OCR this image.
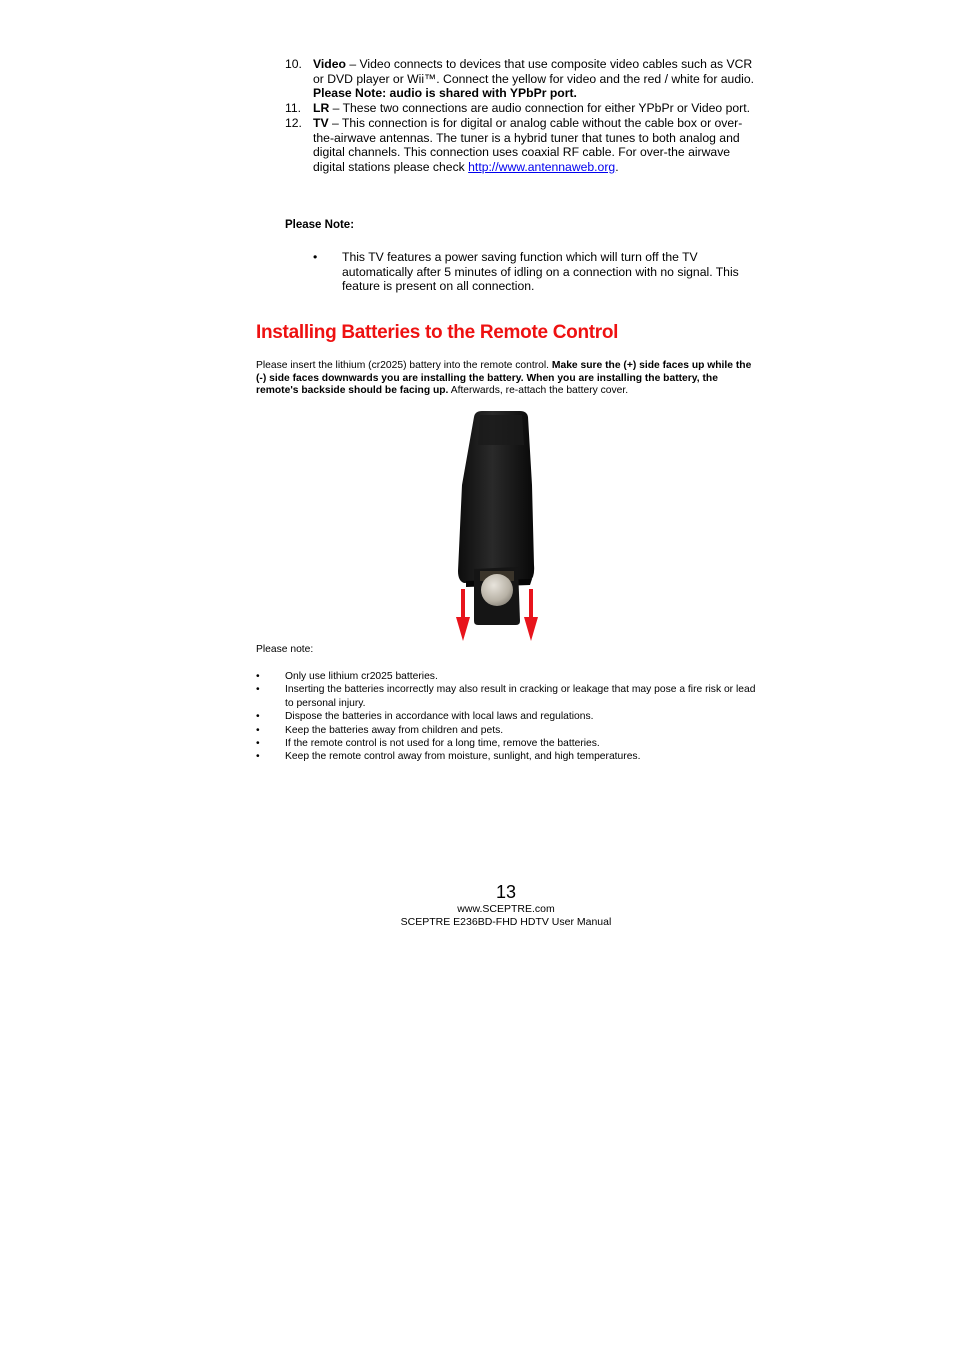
10. Video – Video connects to devices that use composite video cables such as VCR or DVD player or Wii™. Connect the yellow for video and the red / white for audio. Please Note: audio is shared with YPbPr port.
11. LR – These two connections are audio connection for either YPbPr or Video port.
12. TV – This connection is for digital or analog cable without the cable box or over-the-airwave antennas. The tuner is a hybrid tuner that tunes to both analog and digital channels. This connection uses coaxial RF cable. For over-the airwave digital stations please check http://www.antennaweb.org.
Please Note:
•	This TV features a power saving function which will turn off the TV automatically after 5 minutes of idling on a connection with no signal. This feature is present on all connection.
Installing Batteries to the Remote Control
Please insert the lithium (cr2025) battery into the remote control. Make sure the (+) side faces up while the (-) side faces downwards you are installing the battery. When you are installing the battery, the remote's backside should be facing up. Afterwards, re-attach the battery cover.
Please note:
•	Only use lithium cr2025 batteries.
•	Inserting the batteries incorrectly may also result in cracking or leakage that may pose a fire risk or lead to personal injury.
•	Dispose the batteries in accordance with local laws and regulations.
•	Keep the batteries away from children and pets.
•	If the remote control is not used for a long time, remove the batteries.
•	Keep the remote control away from moisture, sunlight, and high temperatures.
13
www.SCEPTRE.com
SCEPTRE E236BD-FHD HDTV User Manual
